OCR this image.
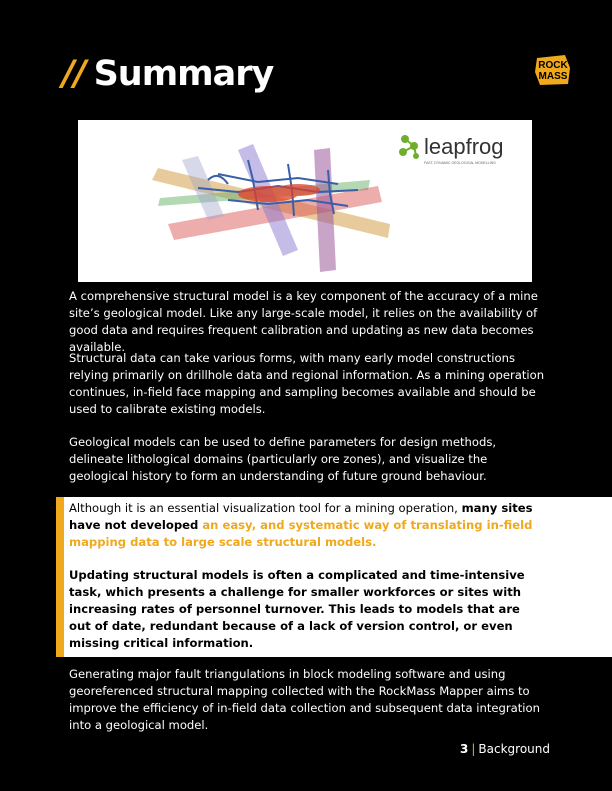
// Summary	ROCK
MASS
leapfrog
FAST, DYNAMIC GEOLOGICAL MODELLING

A comprehensive structural model is a key component of the accuracy of a mine site’s geological model. Like any large-scale model, it relies on the availability of good data and requires frequent calibration and updating as new data becomes available.

Structural data can take various forms, with many early model constructions relying primarily on drillhole data and regional information. As a mining operation continues, in-field face mapping and sampling becomes available and should be used to calibrate existing models.

Geological models can be used to define parameters for design methods, delineate lithological domains (particularly ore zones), and visualize the geological history to form an understanding of future ground behaviour.

Although it is an essential visualization tool for a mining operation, many sites have not developed an easy, and systematic way of translating in-field mapping data to large scale structural models.

Updating structural models is often a complicated and time-intensive task, which presents a challenge for smaller workforces or sites with increasing rates of personnel turnover. This leads to models that are out of date, redundant because of a lack of version control, or even missing critical information.

Generating major fault triangulations in block modeling software and using georeferenced structural mapping collected with the RockMass Mapper aims to improve the efficiency of in-field data collection and subsequent data integration into a geological model.

3 | Background
